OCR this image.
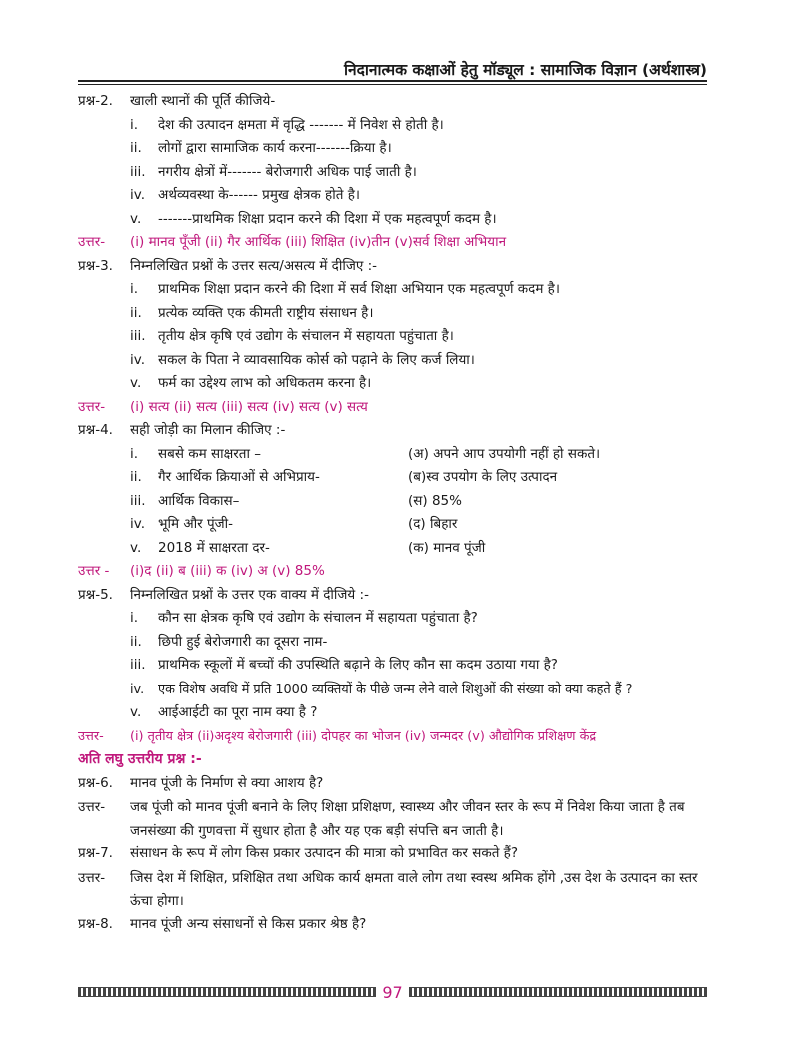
निदानात्मक कक्षाओं हेतु मॉड्यूल : सामाजिक विज्ञान (अर्थशास्त्र)
प्रश्न-2.	खाली स्थानों की पूर्ति कीजिये-
i.	देश की उत्पादन क्षमता में वृद्धि ------- में निवेश से होती है।
ii.	लोगों द्वारा सामाजिक कार्य करना-------क्रिया है।
iii. नगरीय क्षेत्रों में------- बेरोजगारी अधिक पाई जाती है।
iv. अर्थव्यवस्था के------ प्रमुख क्षेत्रक होते है।
v.	-------प्राथमिक शिक्षा प्रदान करने की दिशा में एक महत्वपूर्ण कदम है।
उत्तर-	(i) मानव पूँजी (ii) गैर आर्थिक (iii) शिक्षित (iv)तीन (v)सर्व शिक्षा अभियान
प्रश्न-3.	निम्नलिखित प्रश्नों के उत्तर सत्य/असत्य में दीजिए :-
i.	प्राथमिक शिक्षा प्रदान करने की दिशा में सर्व शिक्षा अभियान एक महत्वपूर्ण कदम है।
ii.	प्रत्येक व्यक्ति एक कीमती राष्ट्रीय संसाधन है।
iii. तृतीय क्षेत्र कृषि एवं उद्योग के संचालन में सहायता पहुंचाता है।
iv. सकल के पिता ने व्यावसायिक कोर्स को पढ़ाने के लिए कर्ज लिया।
v.	फर्म का उद्देश्य लाभ को अधिकतम करना है।
उत्तर-	(i) सत्य (ii) सत्य (iii) सत्य (iv) सत्य (v) सत्य
प्रश्न-4.	सही जोड़ी का मिलान कीजिए :-
i.	सबसे कम साक्षरता –	(अ) अपने आप उपयोगी नहीं हो सकते।
ii.	गैर आर्थिक क्रियाओं से अभिप्राय-	(ब)स्व उपयोग के लिए उत्पादन
iii. आर्थिक विकास–	(स) 85%
iv. भूमि और पूंजी-	(द) बिहार
v.	2018 में साक्षरता दर-	(क) मानव पूंजी
उत्तर -	(i)द (ii) ब (iii) क (iv) अ (v) 85%
प्रश्न-5.	निम्नलिखित प्रश्नों के उत्तर एक वाक्य में दीजिये :-
i.	कौन सा क्षेत्रक कृषि एवं उद्योग के संचालन में सहायता पहुंचाता है?
ii.	छिपी हुई बेरोजगारी का दूसरा नाम-
iii. प्राथमिक स्कूलों में बच्चों की उपस्थिति बढ़ाने के लिए कौन सा कदम उठाया गया है?
iv.	एक विशेष अवधि में प्रति 1000 व्यक्तियों के पीछे जन्म लेने वाले शिशुओं की संख्या को क्या कहते हैं ?
v.	आईआईटी का पूरा नाम क्या है ?
उत्तर-	(i) तृतीय क्षेत्र (ii)अदृश्य बेरोजगारी (iii) दोपहर का भोजन (iv) जन्मदर (v) औद्योगिक प्रशिक्षण केंद्र
अति लघु उत्तरीय प्रश्न :-
प्रश्न-6.	मानव पूंजी के निर्माण से क्या आशय है?
उत्तर-	जब पूंजी को मानव पूंजी बनाने के लिए शिक्षा प्रशिक्षण, स्वास्थ्य और जीवन स्तर के रूप में निवेश किया जाता है तब जनसंख्या की गुणवत्ता में सुधार होता है और यह एक बड़ी संपत्ति बन जाती है।
प्रश्न-7.	संसाधन के रूप में लोग किस प्रकार उत्पादन की मात्रा को प्रभावित कर सकते हैं?
उत्तर-	जिस देश में शिक्षित, प्रशिक्षित तथा अधिक कार्य क्षमता वाले लोग तथा स्वस्थ श्रमिक होंगे ,उस देश के उत्पादन का स्तर ऊंचा होगा।
प्रश्न-8.	मानव पूंजी अन्य संसाधनों से किस प्रकार श्रेष्ठ है?
97
